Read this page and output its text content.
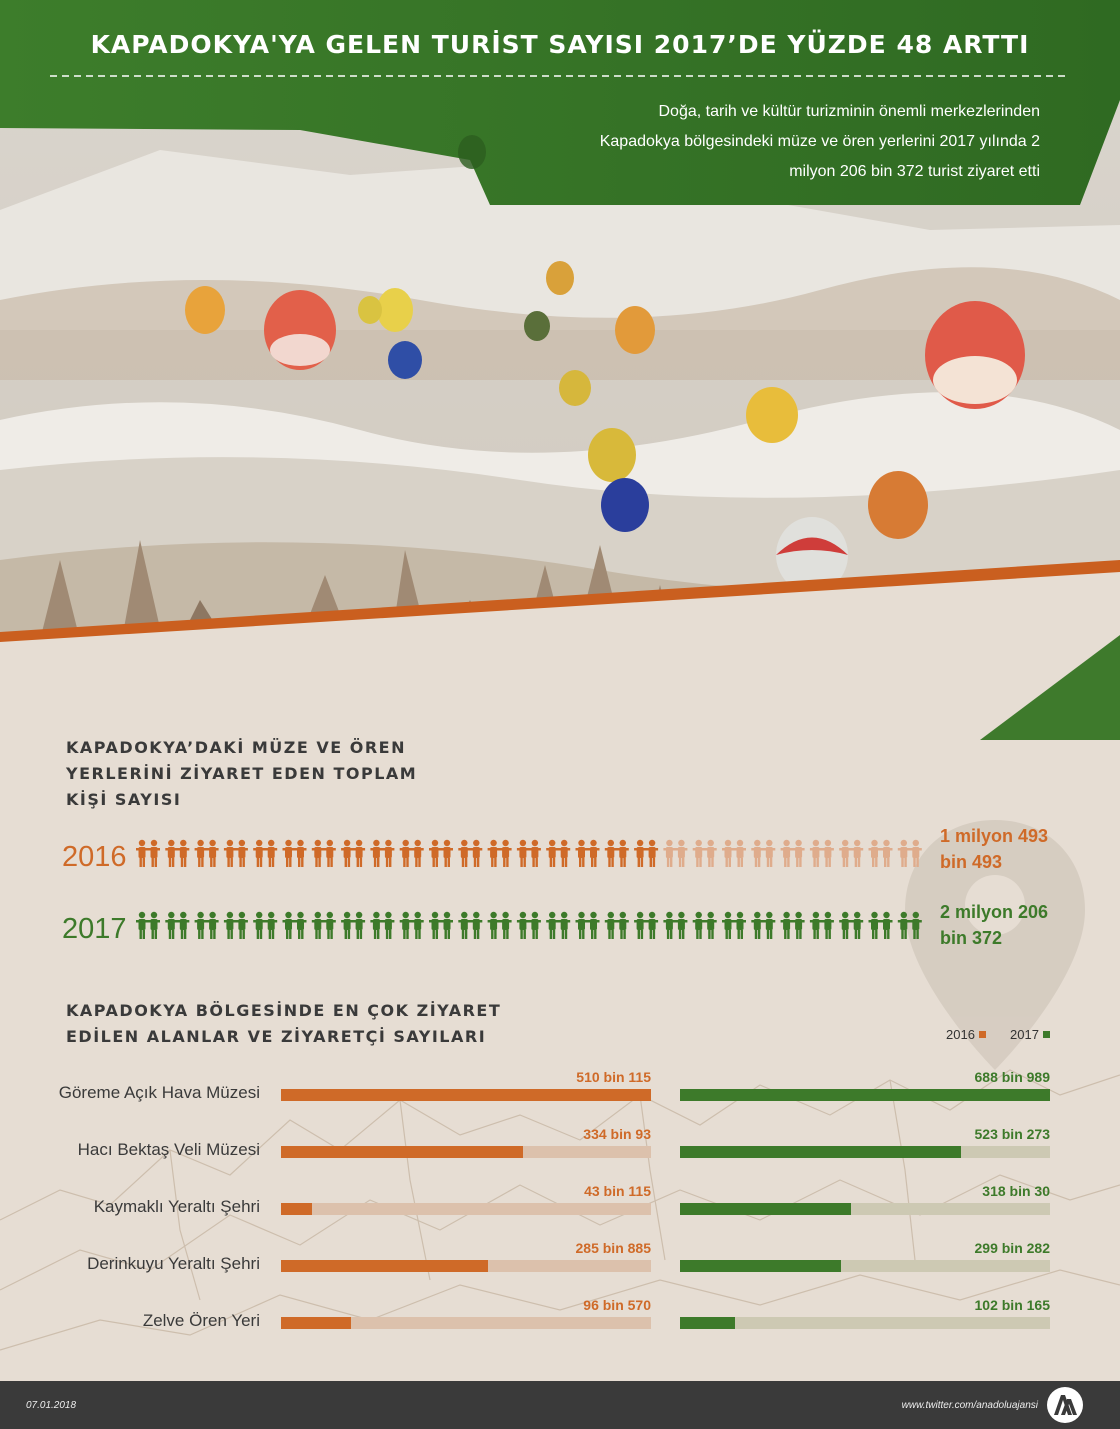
KAPADOKYA'YA GELEN TURİST SAYISI 2017’DE YÜZDE 48 ARTTI
Doğa, tarih ve kültür turizminin önemli merkezlerinden
Kapadokya bölgesindeki müze ve ören yerlerini 2017 yılında 2
milyon 206 bin 372 turist ziyaret etti
KAPADOKYA’DAKİ MÜZE VE ÖREN
YERLERİNİ ZİYARET EDEN TOPLAM
KİŞİ SAYISI
2016
2017
1 milyon 493
bin 493
2 milyon 206
bin 372
KAPADOKYA BÖLGESİNDE EN ÇOK ZİYARET
EDİLEN ALANLAR VE ZİYARETÇİ SAYILARI	2016	2017
Göreme Açık Hava Müzesi
510 bin 115	688 bin 989
Hacı Bektaş Veli Müzesi
334 bin 93	523 bin 273
Kaymaklı Yeraltı Şehri
43 bin 115	318 bin 30
Derinkuyu Yeraltı Şehri
285 bin 885	299 bin 282
Zelve Ören Yeri
96 bin 570	102 bin 165
07.01.2018	www.twitter.com/anadoluajansi
